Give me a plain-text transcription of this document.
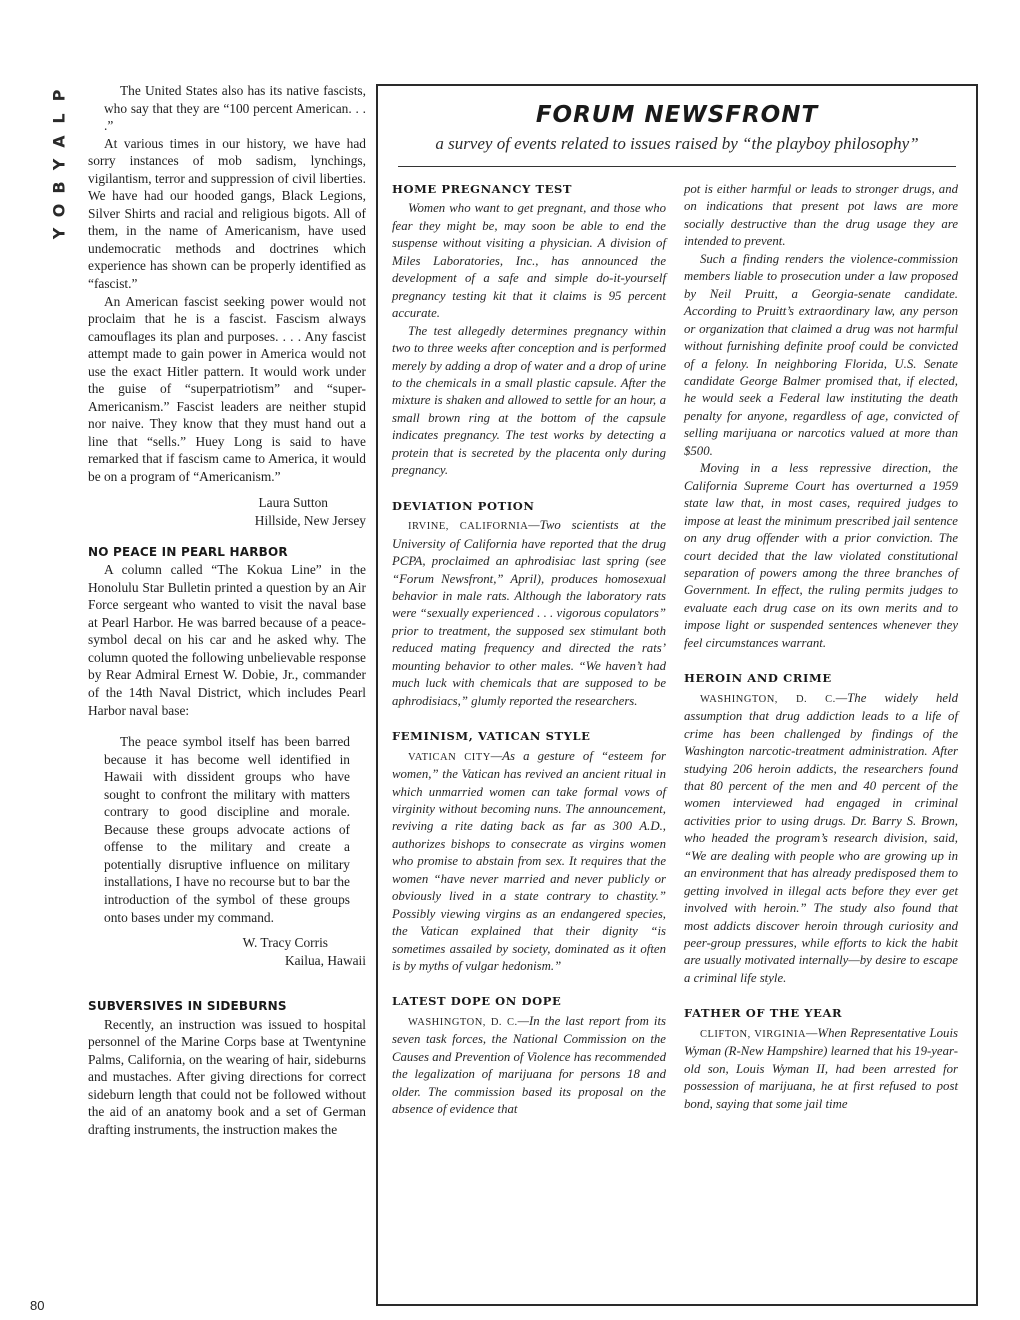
P
L
A
Y
B
O
Y

The United States also has its native fascists, who say that they are “100 percent American. . . .”

At various times in our history, we have had sorry instances of mob sadism, lynchings, vigilantism, terror and suppression of civil liberties. We have had our hooded gangs, Black Legions, Silver Shirts and racial and religious bigots. All of them, in the name of Americanism, have used undemocratic methods and doctrines which experience has shown can be properly identified as “fascist.”

An American fascist seeking power would not proclaim that he is a fascist. Fascism always camouflages its plan and purposes. . . . Any fascist attempt made to gain power in America would not use the exact Hitler pattern. It would work under the guise of “superpatriotism” and “super-Americanism.” Fascist leaders are neither stupid nor naive. They know that they must hand out a line that “sells.” Huey Long is said to have remarked that if fascism came to America, it would be on a program of “Americanism.”

Laura Sutton
Hillside, New Jersey
NO PEACE IN PEARL HARBOR

A column called “The Kokua Line” in the Honolulu Star Bulletin printed a question by an Air Force sergeant who wanted to visit the naval base at Pearl Harbor. He was barred because of a peace-symbol decal on his car and he asked why. The column quoted the following unbelievable response by Rear Admiral Ernest W. Dobie, Jr., commander of the 14th Naval District, which includes Pearl Harbor naval base:

The peace symbol itself has been barred because it has become well identified in Hawaii with dissident groups who have sought to confront the military with matters contrary to good discipline and morale. Because these groups advocate actions of offense to the military and create a potentially disruptive influence on military installations, I have no recourse but to bar the introduction of the symbol of these groups onto bases under my command.

W. Tracy Corris
Kailua, Hawaii
SUBVERSIVES IN SIDEBURNS

Recently, an instruction was issued to hospital personnel of the Marine Corps base at Twentynine Palms, California, on the wearing of hair, sideburns and mustaches. After giving directions for correct sideburn length that could not be followed without the aid of an anatomy book and a set of German drafting instruments, the instruction makes the

80
FORUM NEWSFRONT
a survey of events related to issues raised by “the playboy philosophy”
HOME PREGNANCY TEST

Women who want to get pregnant, and those who fear they might be, may soon be able to end the suspense without visiting a physician. A division of Miles Laboratories, Inc., has announced the development of a safe and simple do-it-yourself pregnancy testing kit that it claims is 95 percent accurate.

The test allegedly determines pregnancy within two to three weeks after conception and is performed merely by adding a drop of water and a drop of urine to the chemicals in a small plastic capsule. After the mixture is shaken and allowed to settle for an hour, a small brown ring at the bottom of the capsule indicates pregnancy. The test works by detecting a protein that is secreted by the placenta only during pregnancy.

DEVIATION POTION

IRVINE, CALIFORNIA—Two scientists at the University of California have reported that the drug PCPA, proclaimed an aphrodisiac last spring (see “Forum Newsfront,” April), produces homosexual behavior in male rats. Although the laboratory rats were “sexually experienced . . . vigorous copulators” prior to treatment, the supposed sex stimulant both reduced mating frequency and directed the rats’ mounting behavior to other males. “We haven’t had much luck with chemicals that are supposed to be aphrodisiacs,” glumly reported the researchers.

FEMINISM, VATICAN STYLE

VATICAN CITY—As a gesture of “esteem for women,” the Vatican has revived an ancient ritual in which unmarried women can take formal vows of virginity without becoming nuns. The announcement, reviving a rite dating back as far as 300 A.D., authorizes bishops to consecrate as virgins women who promise to abstain from sex. It requires that the women “have never married and never publicly or obviously lived in a state contrary to chastity.” Possibly viewing virgins as an endangered species, the Vatican explained that their dignity “is sometimes assailed by society, dominated as it often is by myths of vulgar hedonism.”

LATEST DOPE ON DOPE

WASHINGTON, D. C.—In the last report from its seven task forces, the National Commission on the Causes and Prevention of Violence has recommended the legalization of marijuana for persons 18 and older. The commission based its proposal on the absence of evidence that

pot is either harmful or leads to stronger drugs, and on indications that present pot laws are more socially destructive than the drug usage they are intended to prevent.

Such a finding renders the violence-commission members liable to prosecution under a law proposed by Neil Pruitt, a Georgia-senate candidate. According to Pruitt’s extraordinary law, any person or organization that claimed a drug was not harmful without furnishing definite proof could be convicted of a felony. In neighboring Florida, U.S. Senate candidate George Balmer promised that, if elected, he would seek a Federal law instituting the death penalty for anyone, regardless of age, convicted of selling marijuana or narcotics valued at more than $500.

Moving in a less repressive direction, the California Supreme Court has overturned a 1959 state law that, in most cases, required judges to impose at least the minimum prescribed jail sentence on any drug offender with a prior conviction. The court decided that the law violated constitutional separation of powers among the three branches of Government. In effect, the ruling permits judges to evaluate each drug case on its own merits and to impose light or suspended sentences whenever they feel circumstances warrant.

HEROIN AND CRIME

WASHINGTON, D. C.—The widely held assumption that drug addiction leads to a life of crime has been challenged by findings of the Washington narcotic-treatment administration. After studying 206 heroin addicts, the researchers found that 80 percent of the men and 40 percent of the women interviewed had engaged in criminal activities prior to using drugs. Dr. Barry S. Brown, who headed the program’s research division, said, “We are dealing with people who are growing up in an environment that has already predisposed them to getting involved in illegal acts before they ever get involved with heroin.” The study also found that most addicts discover heroin through curiosity and peer-group pressures, while efforts to kick the habit are usually motivated internally—by desire to escape a criminal life style.

FATHER OF THE YEAR

CLIFTON, VIRGINIA—When Representative Louis Wyman (R-New Hampshire) learned that his 19-year-old son, Louis Wyman II, had been arrested for possession of marijuana, he at first refused to post bond, saying that some jail time
